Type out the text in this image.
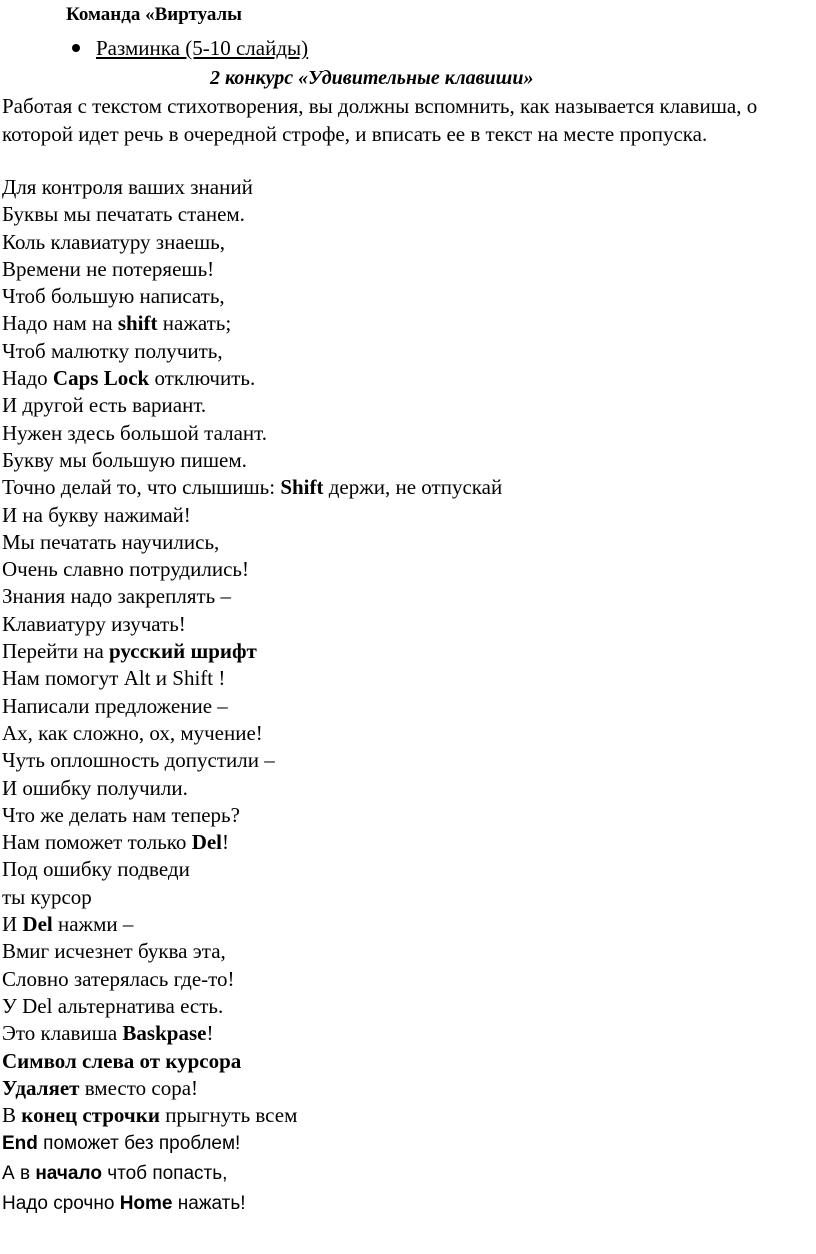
Команда «Виртуалы
Разминка (5-10 слайды)
2 конкурс «Удивительные клавиши»
Работая с текстом стихотворения, вы должны вспомнить, как называется клавиша, о которой идет речь в очередной строфе, и вписать ее в текст на месте пропуска.
Для контроля ваших знаний
Буквы мы печатать станем.
Коль клавиатуру знаешь,
Времени не потеряешь!
Чтоб большую написать,
Надо нам на shift нажать;
Чтоб малютку получить,
Надо Caps Lock отключить.
И другой есть вариант.
Нужен здесь большой талант.
Букву мы большую пишем.
Точно делай то, что слышишь: Shift держи, не отпускай
И на букву нажимай!
Мы печатать научились,
Очень славно потрудились!
Знания надо закреплять –
Клавиатуру изучать!
Перейти на русский шрифт
Нам помогут Alt и Shift !
Написали предложение –
Ах, как сложно, ох, мучение!
Чуть оплошность допустили –
И ошибку получили.
Что же делать нам теперь?
Нам поможет только Del!
Под ошибку подведи
ты курсор
И Del нажми –
Вмиг исчезнет буква эта,
Словно затерялась где-то!
У Del альтернатива есть.
Это клавиша Baskpase!
Символ слева от курсора
Удаляет вместо сора!
В конец строчки прыгнуть всем
End поможет без проблем!
А в начало чтоб попасть,
Надо срочно Home нажать!
